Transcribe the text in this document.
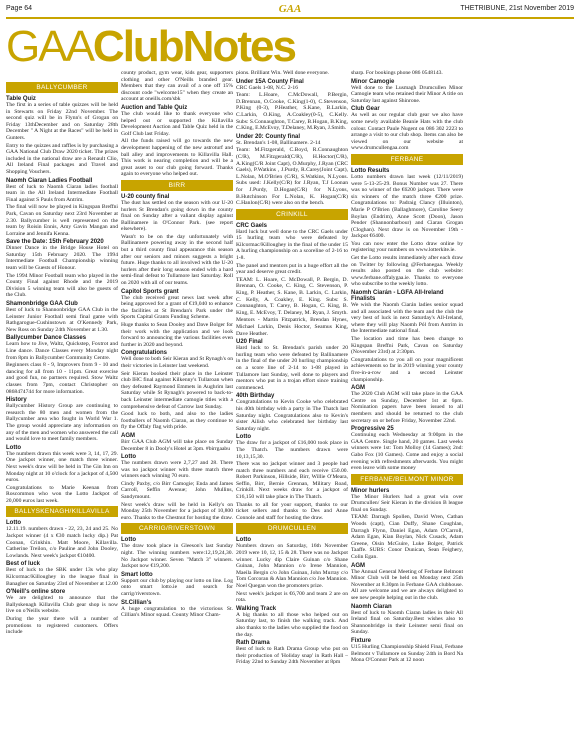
Page 64	GAA	THETRIBUNE, 21st November 2019
GAAClubNotes
BALLYCUMBER
Table Quiz

The first in a series of table quizzes will be held in Stewarts on Friday 22nd November. The second quiz will be in Flynn's of Grogan on Friday 13thDecember and on Saturday 28th December " A Night at the Races" will be held in Gunters.

Entry to the quizzes and raffles is by purchasing a GAA National Club Draw 2020 ticket. The prizes included in the national draw are a Renault Clio, All Ireland Final packages and Travel and Shopping Vouchers.

Naomh Ciaran Ladies Football

Best of luck to Naomh Ciaran ladies football team in the All Ireland Intermediate Football Final against S Pauls from Antrim.

The final will now be played in Kingspan Breffni Park, Cavan on Saturday next 23rd November at 2.30. Ballycumber is well represented on the team by Roisin Ennis, Amy Gavin Mangan and Lorraine and Jennifa Kenna.

Save the Date: 15th February 2020

Dinner Dance in the Bridge House Hotel on Saturday 15th February 2020. The 1994 Intermediate Football Championship winning team will be Guests of Honour.

The 1994 Minor Football team who played in the County Final against Rhode and the 2019 Division 5 winning team will also be guests of the Club.

Shamonbridge GAA Club

Best of luck to Shannonbridge GAA Club in the Leinster Junior Football semi final game with Rathgarogue-Cushinstown at O'Kennedy Park, New Ross on Sunday 24th November at 1.30.

Ballycumber Dance Classes

Learn how to Jive, Waltz, Quickstep, Foxtrot and Line dance. Dance Classes every Monday night from 8pm in Ballycumber Community Centre.

Beginners class 8 - 9, Improvers from 9 - 10 and dancing for all from 10 - 11pm. Great exercise and good fun, no partners required. Stow Waltz classes from 7pm, contact Christopher on 0868474744 for more information.

History

Ballycumber History Group are continuing to research the 80 men and women from the Ballycumber area who fought in World War 1. The group would appreciate any information on any of the men and women who answered the call and would love to meet family members.

Lotto

The numbers drawn this week were 3, 14, 17, 29. One jackpot winner, one match three winner. Next week's draw will be held in The Gin Inn on Monday night at 10 o'clock for a jackpot of 4,500 euros.

Congratulations to Marie Keenan from Roscommon who won the Lotto Jackpot of 20,000 euros last week.

BALLYSKENAGH/KILLAVILLA
Lotto

12.11.19. numbers drawn - 22, 23, 24 and 25. No Jackpot winner (4 x €30 match lucky dip.) Pat Coonan, Crinkhin. Matt Moore, Killavilla. Catherine Treilon, c/o Pauline and John Dooley, Lowlands. Next week's jackpot €10400.

Best of luck

Best of luck to the SBK under 13s who play Kilcormac/Killoughey in the league final in Banagher on Saturday 23rd of November at 12.00

O'Neill's online store

We are delighted to announce that the Ballyskenagh Killavilla Club gear shop is now live on o'Neills website.

During the year there will a number of promotions to registered customers. Offers include

county product, gym wear, kids gear, supporters clothing and other O'Neills branded gear. Members that they can avail of a one off 15% discount code "welcome15" when they create an account at oneills.com/sbk

Auction and Table Quiz

The club would like to thank everyone who helped out or supported the Killavilla Development Auction and Table Quiz held in the Golf Club last Friday.

All the funds raised will go towards the new development happening of the new astroturf and ball alley and improvements to Killavilla Hall. This work is nearing completion and will be a great asset to our club going forward. Thanks again to everyone who helped out.

BIRR
U-20 county final

The dust has settled on the season with our U-20 hurlers St Brendan's going down in the county final on Sunday after a valiant display against Ballinamere in O'Connor Park. (see report elsewhere).

Wasn't to be on the day unfortunately with Ballinamere powering away in the second half but a third county final appearance this season after our seniors and minors suggests a bright future. Huge thanks to all involved with the U-20 hurlers after their long season ended with a hard semi-final defeat to Tullamore last Saturday. Roll on 2020 with all of our teams.

Capitol Sports grant

The club received great news last week after being approved for a grant of €19,040 to enhance the facilities at St Brendan's Park under the Sports Capital Grants Funding Scheme.

Huge thanks to Sean Dooley and Dave Bolger for their work with the application and we look forward to announcing the various facilities even further in 2020 and beyond.

Congratulations

Well done to both Seir Kieran and St Rynagh's on their victories in Leinster last weekend.

Seir Kieran booked their place in the Leinster club IHC final against Kilkenny's Tullaroan when they defeated Raymond Emmets in Aughrim last Saturday while St Rynagh's powered to back-to-back Leinster intermediate camogie titles with a comprehensive defeat of Carrow last Sunday.

Good luck to both, and also to the ladies footballers of Naomh Ciaran, as they continue to fly the Offaly flag with pride.

AGM

Birr GAA Club AGM will take place on Sunday December 8 in Dooly's Hotel at 3pm. #birrgaabu

Lotto

The numbers drawn were 2,7,27 and 28. There was no jackpot winner with three match three winners each winning 70 euro.

Cindy Paxby, c/o Birr Camogie; Enda and James Carroll, Seffin Avenue; John Mullins, Sandymount.

Next week's draw will be held in Kelly's on Monday 25th November for a jackpot of 10,800 euro. Thanks to the Chestnut for hosting the draw.

CARRIG/RIVERSTOWN
Lotto

The draw took place in Gleeson's last Sunday night. The winning numbers were:12,19,24,30. No Jackpot winner. Seven "Match 3" winners. Jackpot now €19,200.

Smart lotto

Support our club by playing our lotto on line. Log onto smart lotto.ie and search for carrig/riverstown.

St.Cillian's

A huge congratulation to the victorious St. Cillian's Minor squad. County Minor Cham-

pions. Brilliant Win. Well done everyone.

Under 15A County Final

CRC Gaels 1-08, N.C. 2-16

Team: L.Hoare, C.McDowall, P.Bergin, D.Brennan, O.Cooke, C.King(1-0), C.Stevenson, P.King (0-3), P.Heather, S.Kane, B.Larkin, C.Larkin, O.King, A.Coakley(0-5), C.Kelly. Subs: S.Connaughton, T.Carey, B.Hogan, B.King, C.King, E.McEvoy, T.Delaney, M.Ryan, J.Smith.

Under 20: County final

St. Brendan's 1-08, Ballinamere. 2-14

Team: M.Fitzgerald, C.Boyd, R.Connaughton (C/R), M.Fitzgerald(C/R), H.Hoctor(C/R), A.King(C/R Joint Capt), O.Murphy, J.Ryan (CRC Gaels), P.Watkins , J.Purdy, R.Carey(Joint Capt), L.Nolan, M.O'Brien (C/R), S.Watkins, N.Lyons. Subs used: J.Kelly(C/R) for J.Ryan, T.J Loonan for J.Purdy, D.Hogan(C/R) for N.Lyons, B.Hutchinson For L.Nolan, K. Hogan(C/R) C.Hanlon(C/R) were also on the bench.

CRINKILL
CRC Gaels

Hard luck but well done to the CRC Gaels under 15 hurling team who were defeated by Kilcormac/Killoughey in the final of the under 15 A hurling championship on a scoreline of 2-16 to 1-8.

The panel and mentors put in a huge effort all the year and deserve great credit.

TEAM: L. Hoare, C. McDowall, P. Bergin, D. Brennan, O. Cooke, C. King, C. Stevenson, P. King, P. Heather, S. Kane, B. Larkin, C. Larkin, C. Kelly, A. Coakley, E. King. Subs: S. Connaughton, T. Carey, B. Hogan, C. King, B. King, E. McEvoy, T. Delaney, M. Ryan, J. Smyth.

Mentors - Martin Fitzpatrick, Brendan Hynes, Michael Larkin, Denis Hoctor, Seamus King, Dave Heather.

U20 Final

Hard luck to St. Brendan's parish under 20 hurling team who were defeated by Ballinamere in the final of the under 20 hurling championship on a score line of 2-14 to 1-08 played in Tullamore last Sunday, well done to players and mentors who put in a trojan effort since training commenced.

40th Birthday

Congratulations to Kevin Cooke who celebrated his 40th birthday with a party in The Thatch last Saturday night. Congratulations also to Kevin's sister Ailish who celebrated her birthday last Saturday night.

Lotto

The draw for a jackpot of £16,000 took place in The Thatch. The numbers drawn were 10,13,15,30.

There was no jackpot winner and 3 people had match three numbers and each receive £50.00. Robert Parkinson, Hillside, Birr, Willie O'Meara, Seffin, Birr, Bernie Grennan, Military Road, Crinkill. Next weeks draw for a jackpot of £16,150 will take place in The Thatch.

Thanks to all for your support, thanks to our ticket sellers and thanks to Des and Anne Connole and staff for hosting the draw.

DRUMCULLEN
Lotto

Numbers drawn on Saturday, 16th November 2019 were 10, 12, 15 & 28. There was no Jackpot winner. Lucky dip Claire Guinan c/o Shane Guinan, John Mannion c/o Irene Mannion, Maeila Bergin c/o John Guinan, John Murray c/o Tom Corcoran & Alan Mannion c/o Joe Mannion. Noel Quegan won the promoters prize.

Next week's jackpot is €6,700 and team 2 are on rota.

Walking Track

A big thanks to all those who helped out on Saturday last, to finish the walking track. And also thanks to the ladies who supplied the food on the day.

Rath Drama

Best of luck to Rath Drama Group who put on their production of 'Holiday snap' in Rath Hall –Friday 22nd to Sunday 24th November at 8pm

sharp. For bookings phone 086 0548143.

Minor Camogie

Well done to the Lusmagh Drumcullen Minor Camogie team who retained their Minor A title on Saturday last against Shinrone.

Club Gear

As well as our regular club gear we also have some newly available Beanie Hats with the club colour. Contact Paule Nugent on 086 302 2223 to arrange a visit to our club shop. Items can also be viewed on our website at www.drumcullengaa.com

FERBANE
Lotto Results

Lotto numbers drawn last week (12/11/2019) were 5-13-25-29. Bonus Number was 27. There was no winner of the €6200 jackpot. There were six winners of the match three €200 prize. Congratulations to: Padraig Clancy (Illuinton), Marie P O'Brien (Ballaghmore), Caroline Seery Boylan (Endrim), Anne Scott (Doon), Jason Pender (Shannonbarbour) and Ciaran Grogan (Cloghan). Next draw is on November 19th - Jackpot €6400.

You can now enter the Lotto draw online by registering your numbers on www.lotterkite.ie.

Get the Lotto results immediately after each draw on Twitter by following @Ferbanegaa. Weekly results also posted on the club website: www.ferbane.offalygaa.ie. Thanks to everyone who subscribe to the weekly lotto.

Naomh Ciarán - LGFA All-Ireland Finalists

We wish the Naomh Ciarán ladies senior squad and all associated with the team and the club the very best of luck in next Saturday's All-Ireland, where they will play Naomh Pól from Antrim in the Intermediate national final.

The location and time has been change to Kingspan Breffni Park, Cavan on Saturday (November 23rd) at 2:30pm.

Congratulations to you all on your magnificent achievements so far in 2019 winning your county five-in-a-row and a second Leinster championship.

AGM

The 2020 Club AGM will take place in the GAA Centre on Sunday, December 1st at 6pm. Nomination papers have been issued to all members and should be returned to the club secretary on or before Friday, November 22nd.

Progressive 25

Continuing each Wednesday at 9:00pm in the GAA Centre. Single hand, 20 games. Last weeks winners were 1st: Tom Molloy (14 Games); 2nd: Gabo Fox (10 Games). Come and enjoy a social evening with refreshments afterwards. You might even leave with some money

FERBANE/BELMONT MINOR
Minor hurlers

The Minor Hurlers had a great win over Drumcullen/ Seir Kieran in the division B league final on Sunday.

TEAM: Darragh Spollen, David Wren, Cathan Woods (capt), Cian Duffy, Shane Coughlan, Darragh Flynn, Daniel Egan, Adam O'Carroll, Adam Egan, Kian Boylan, Nick Cusack, Adam Greene, Oisin McGuire, Luke Bolger, Patrick Taaffe. SUBS: Conor Dunican, Sean Feighery, Colin Egan.

AGM

The Annual General Meeting of Ferbane Belmont Minor Club will be held on Monday next 25th November at 8.30pm in Ferbane GAA clubhouse. All are welcome and we are always delighted to see new people helping out in the club.

Naomh Ciaran

Best of luck to Naomh Ciaran ladies in their All Ireland final on Saturday.Best wishes also to Shannonbridge in their Leinster semi final on Sunday.

Fixture

U15 Hurling Championship Shield Final, Ferbane Belmont v Tullamore on Sunday 24th in Bord Na Mona O'Connor Park at 12 noon
